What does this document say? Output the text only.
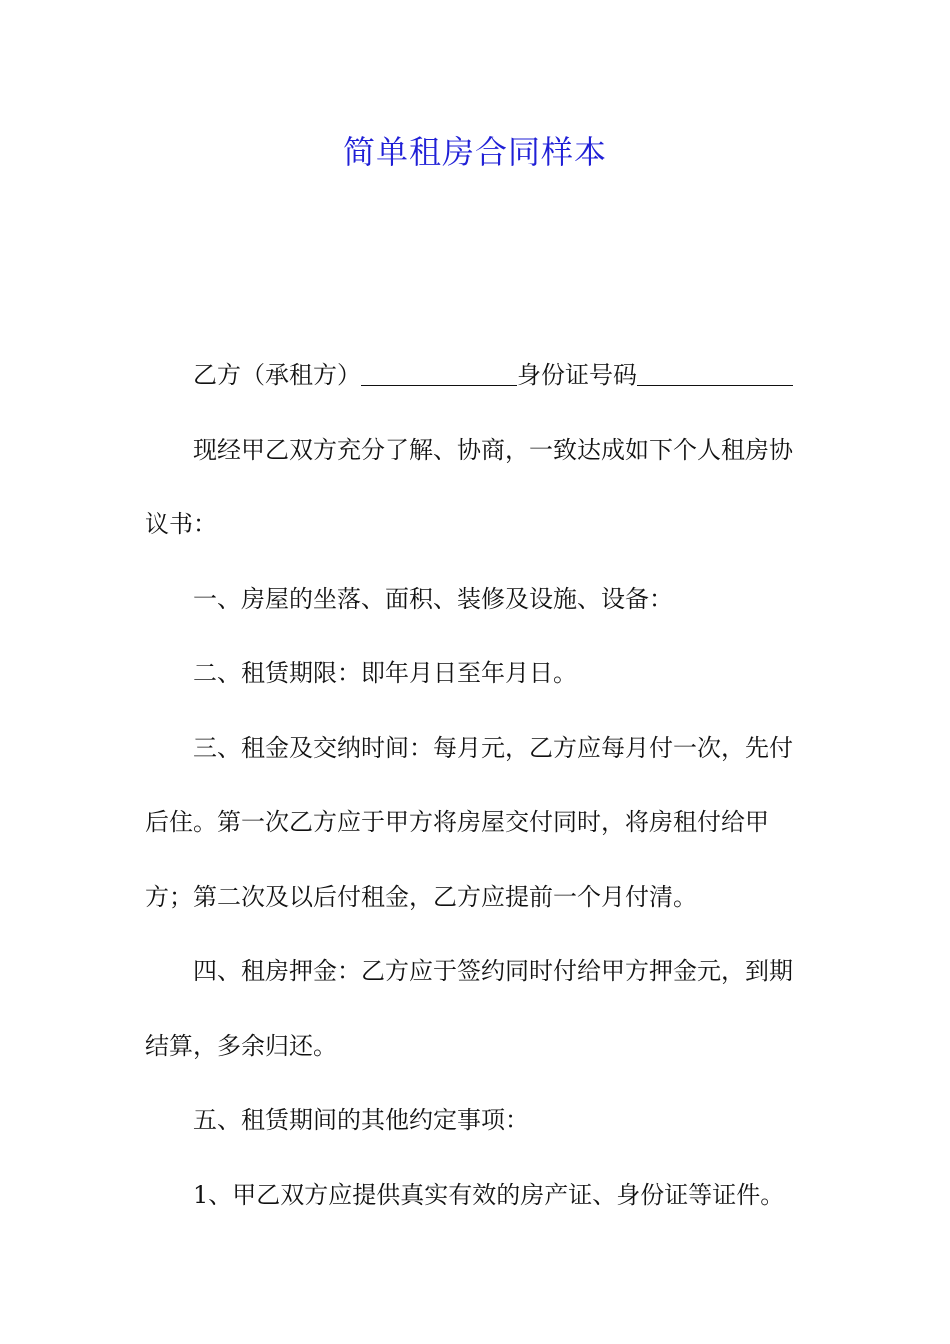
简单租房合同样本

乙方（承租方）	身份证号码

现经甲乙双方充分了解、协商，一致达成如下个人租房协议书：

一、房屋的坐落、面积、装修及设施、设备：

二、租赁期限：即年月日至年月日。

三、租金及交纳时间：每月元，乙方应每月付一次，先付后住。第一次乙方应于甲方将房屋交付同时，将房租付给甲方；第二次及以后付租金，乙方应提前一个月付清。

四、租房押金：乙方应于签约同时付给甲方押金元，到期结算，多余归还。

五、租赁期间的其他约定事项：

1、甲乙双方应提供真实有效的房产证、身份证等证件。
